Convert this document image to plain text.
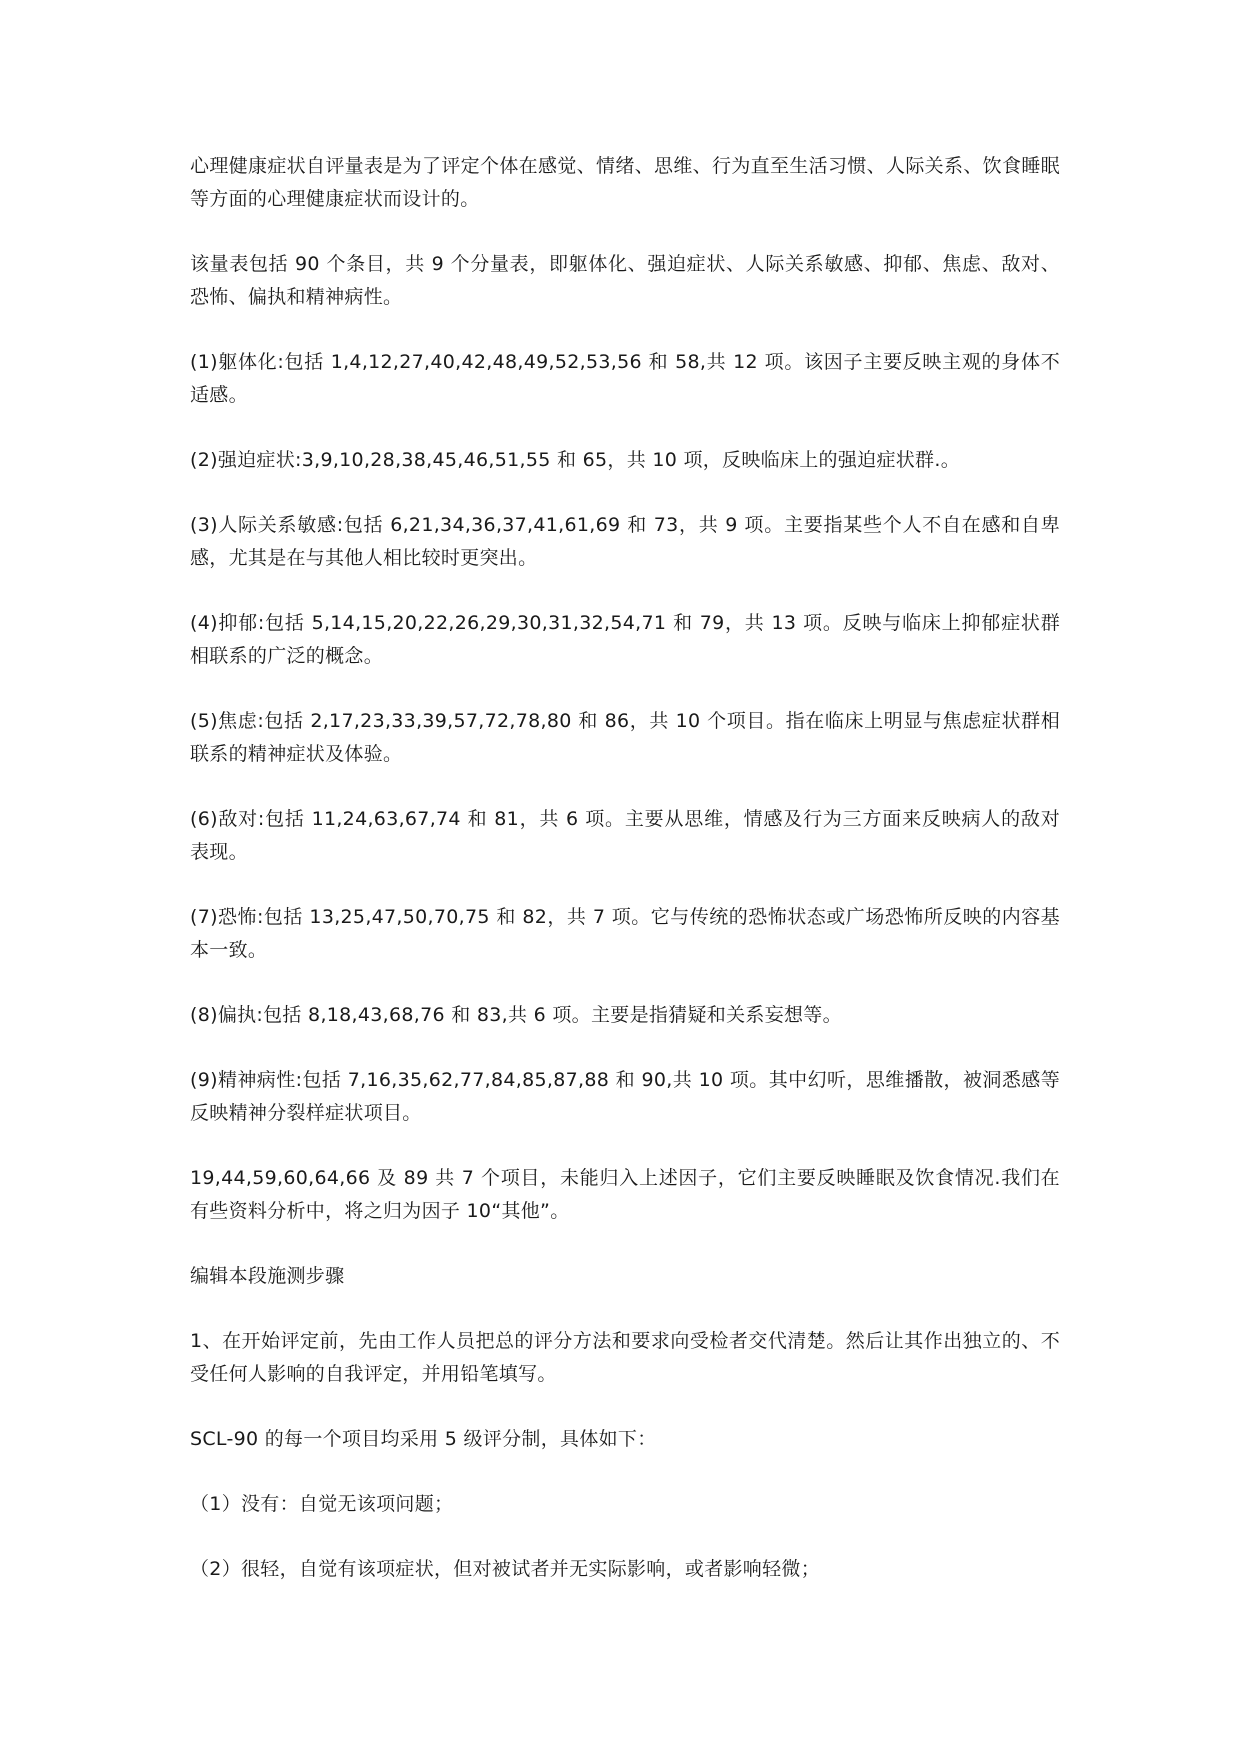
心理健康症状自评量表是为了评定个体在感觉、情绪、思维、行为直至生活习惯、人际关系、饮食睡眠等方面的心理健康症状而设计的。

该量表包括 90 个条目，共 9 个分量表，即躯体化、强迫症状、人际关系敏感、抑郁、焦虑、敌对、恐怖、偏执和精神病性。

(1)躯体化:包括 1,4,12,27,40,42,48,49,52,53,56 和 58,共 12 项。该因子主要反映主观的身体不适感。

(2)强迫症状:3,9,10,28,38,45,46,51,55 和 65，共 10 项，反映临床上的强迫症状群.。

(3)人际关系敏感:包括 6,21,34,36,37,41,61,69 和 73，共 9 项。主要指某些个人不自在感和自卑感，尤其是在与其他人相比较时更突出。

(4)抑郁:包括 5,14,15,20,22,26,29,30,31,32,54,71 和 79，共 13 项。反映与临床上抑郁症状群相联系的广泛的概念。

(5)焦虑:包括 2,17,23,33,39,57,72,78,80 和 86，共 10 个项目。指在临床上明显与焦虑症状群相联系的精神症状及体验。

(6)敌对:包括 11,24,63,67,74 和 81，共 6 项。主要从思维，情感及行为三方面来反映病人的敌对表现。

(7)恐怖:包括 13,25,47,50,70,75 和 82，共 7 项。它与传统的恐怖状态或广场恐怖所反映的内容基本一致。

(8)偏执:包括 8,18,43,68,76 和 83,共 6 项。主要是指猜疑和关系妄想等。

(9)精神病性:包括 7,16,35,62,77,84,85,87,88 和 90,共 10 项。其中幻听，思维播散，被洞悉感等反映精神分裂样症状项目。

19,44,59,60,64,66 及 89 共 7 个项目，未能归入上述因子，它们主要反映睡眠及饮食情况.我们在有些资料分析中，将之归为因子 10“其他”。

编辑本段施测步骤

1、在开始评定前，先由工作人员把总的评分方法和要求向受检者交代清楚。然后让其作出独立的、不受任何人影响的自我评定，并用铅笔填写。

SCL-90 的每一个项目均采用 5 级评分制，具体如下：

（1）没有：自觉无该项问题；

（2）很轻，自觉有该项症状，但对被试者并无实际影响，或者影响轻微；
